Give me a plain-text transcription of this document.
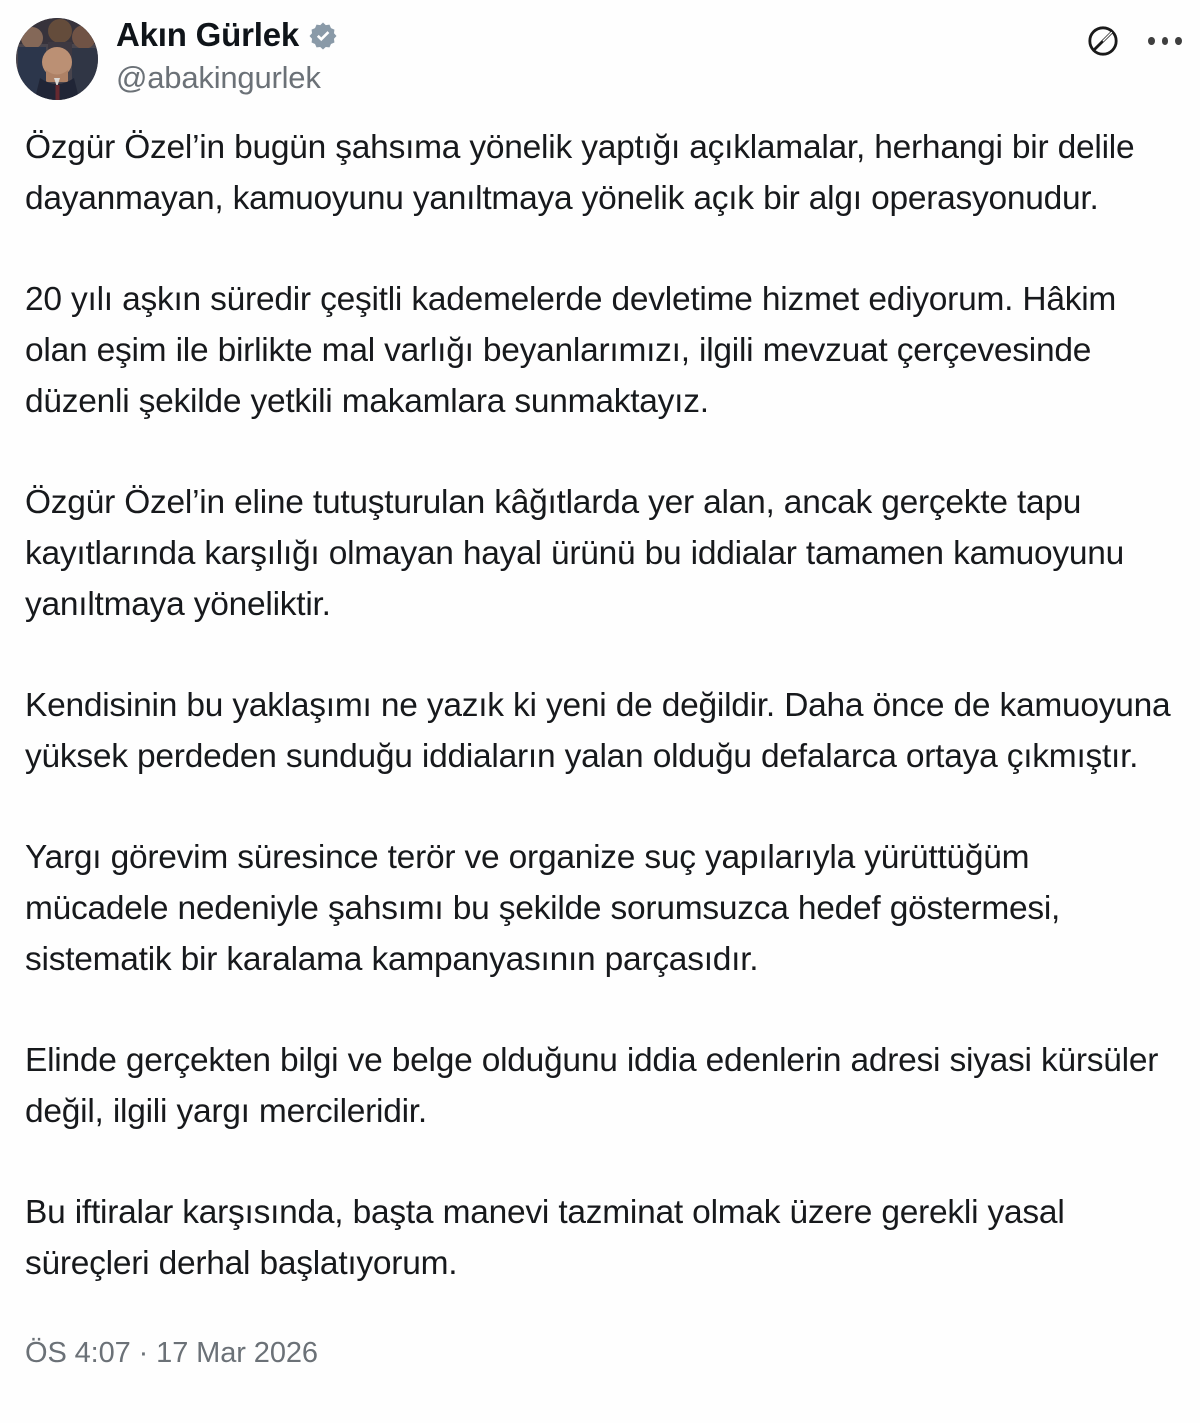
Akın Gürlek
@abakingurlek

Özgür Özel’in bugün şahsıma yönelik yaptığı açıklamalar, herhangi bir delile dayanmayan, kamuoyunu yanıltmaya yönelik açık bir algı operasyonudur.

20 yılı aşkın süredir çeşitli kademelerde devletime hizmet ediyorum. Hâkim olan eşim ile birlikte mal varlığı beyanlarımızı, ilgili mevzuat çerçevesinde düzenli şekilde yetkili makamlara sunmaktayız.

Özgür Özel’in eline tutuşturulan kâğıtlarda yer alan, ancak gerçekte tapu kayıtlarında karşılığı olmayan hayal ürünü bu iddialar tamamen kamuoyunu yanıltmaya yöneliktir.

Kendisinin bu yaklaşımı ne yazık ki yeni de değildir. Daha önce de kamuoyuna yüksek perdeden sunduğu iddiaların yalan olduğu defalarca ortaya çıkmıştır.

Yargı görevim süresince terör ve organize suç yapılarıyla yürüttüğüm mücadele nedeniyle şahsımı bu şekilde sorumsuzca hedef göstermesi, sistematik bir karalama kampanyasının parçasıdır.

Elinde gerçekten bilgi ve belge olduğunu iddia edenlerin adresi siyasi kürsüler değil, ilgili yargı mercileridir.

Bu iftiralar karşısında, başta manevi tazminat olmak üzere gerekli yasal süreçleri derhal başlatıyorum.

ÖS 4:07 · 17 Mar 2026
